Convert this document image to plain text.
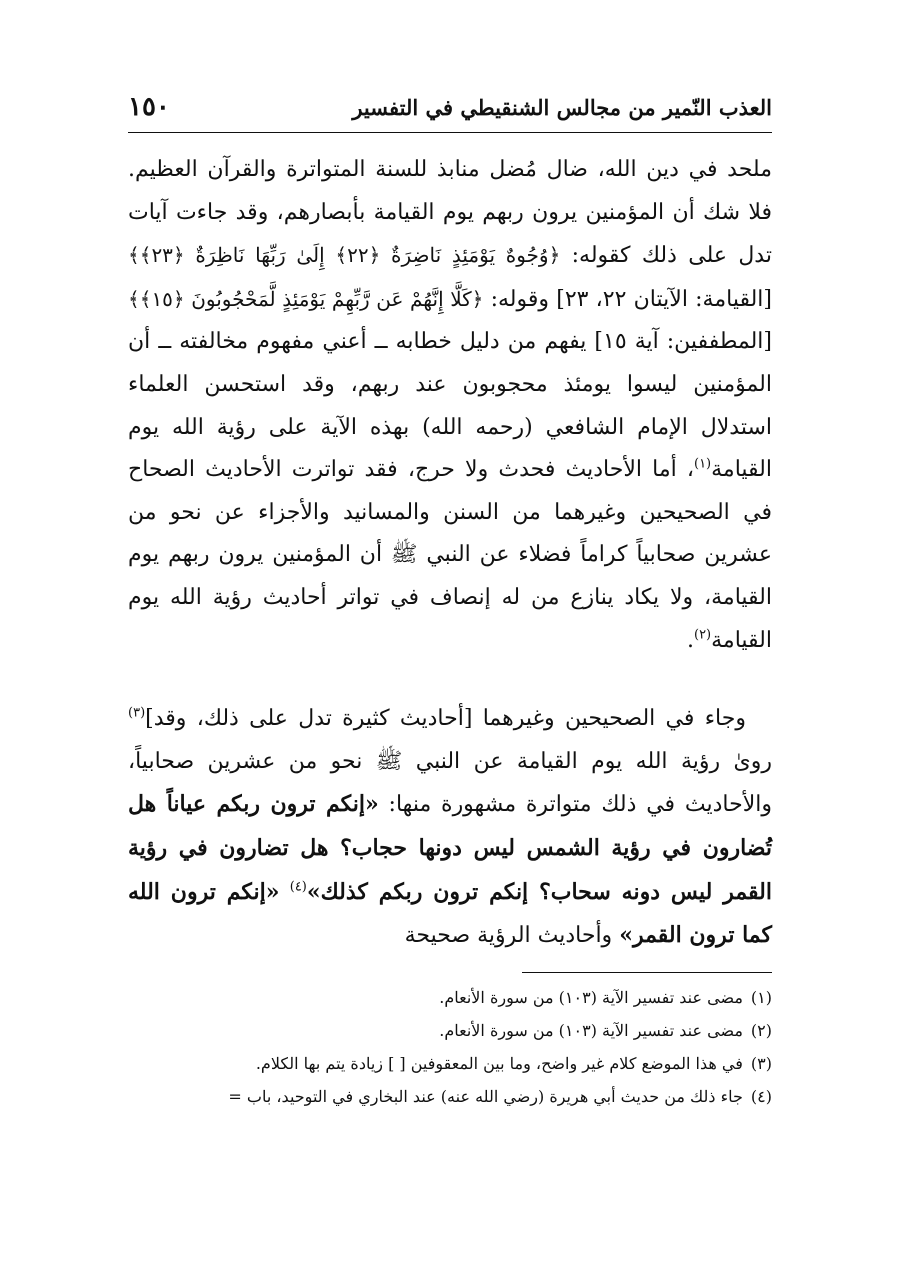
العذب النّمير من مجالس الشنقيطي في التفسير
١٥٠

ملحد في دين الله، ضال مُضل منابذ للسنة المتواترة والقرآن العظيم. فلا شك أن المؤمنين يرون ربهم يوم القيامة بأبصارهم، وقد جاءت آيات تدل على ذلك كقوله: ﴿وُجُوهٌ يَوْمَئِذٍ نَاضِرَةٌ ﴿٢٢﴾ إِلَىٰ رَبِّهَا نَاظِرَةٌ ﴿٢٣﴾﴾ [القيامة: الآيتان ٢٢، ٢٣] وقوله: ﴿كَلَّا إِنَّهُمْ عَن رَّبِّهِمْ يَوْمَئِذٍ لَّمَحْجُوبُونَ ﴿١٥﴾﴾ [المطففين: آية ١٥] يفهم من دليل خطابه ــ أعني مفهوم مخالفته ــ أن المؤمنين ليسوا يومئذ محجوبون عند ربهم، وقد استحسن العلماء استدلال الإمام الشافعي (رحمه الله) بهذه الآية على رؤية الله يوم القيامة$^{(١)}$، أما الأحاديث فحدث ولا حرج، فقد تواترت الأحاديث الصحاح في الصحيحين وغيرهما من السنن والمسانيد والأجزاء عن نحو من عشرين صحابياً كراماً فضلاء عن النبي ﷺ أن المؤمنين يرون ربهم يوم القيامة، ولا يكاد ينازع من له إنصاف في تواتر أحاديث رؤية الله يوم القيامة$^{(٢)}$.

وجاء في الصحيحين وغيرهما [أحاديث كثيرة تدل على ذلك، وقد]$^{(٣)}$ روىٰ رؤية الله يوم القيامة عن النبي ﷺ نحو من عشرين صحابياً، والأحاديث في ذلك متواترة مشهورة منها: «إنكم ترون ربكم عياناً هل تُضارون في رؤية الشمس ليس دونها حجاب؟ هل تضارون في رؤية القمر ليس دونه سحاب؟ إنكم ترون ربكم كذلك»$^{(٤)}$ «إنكم ترون الله كما ترون القمر» وأحاديث الرؤية صحيحة

(١)
مضى عند تفسير الآية (١٠٣) من سورة الأنعام.
(٢)
مضى عند تفسير الآية (١٠٣) من سورة الأنعام.
(٣)
في هذا الموضع كلام غير واضح، وما بين المعقوفين [ ] زيادة يتم بها الكلام.
(٤)
جاء ذلك من حديث أبي هريرة (رضي الله عنه) عند البخاري في التوحيد، باب =
